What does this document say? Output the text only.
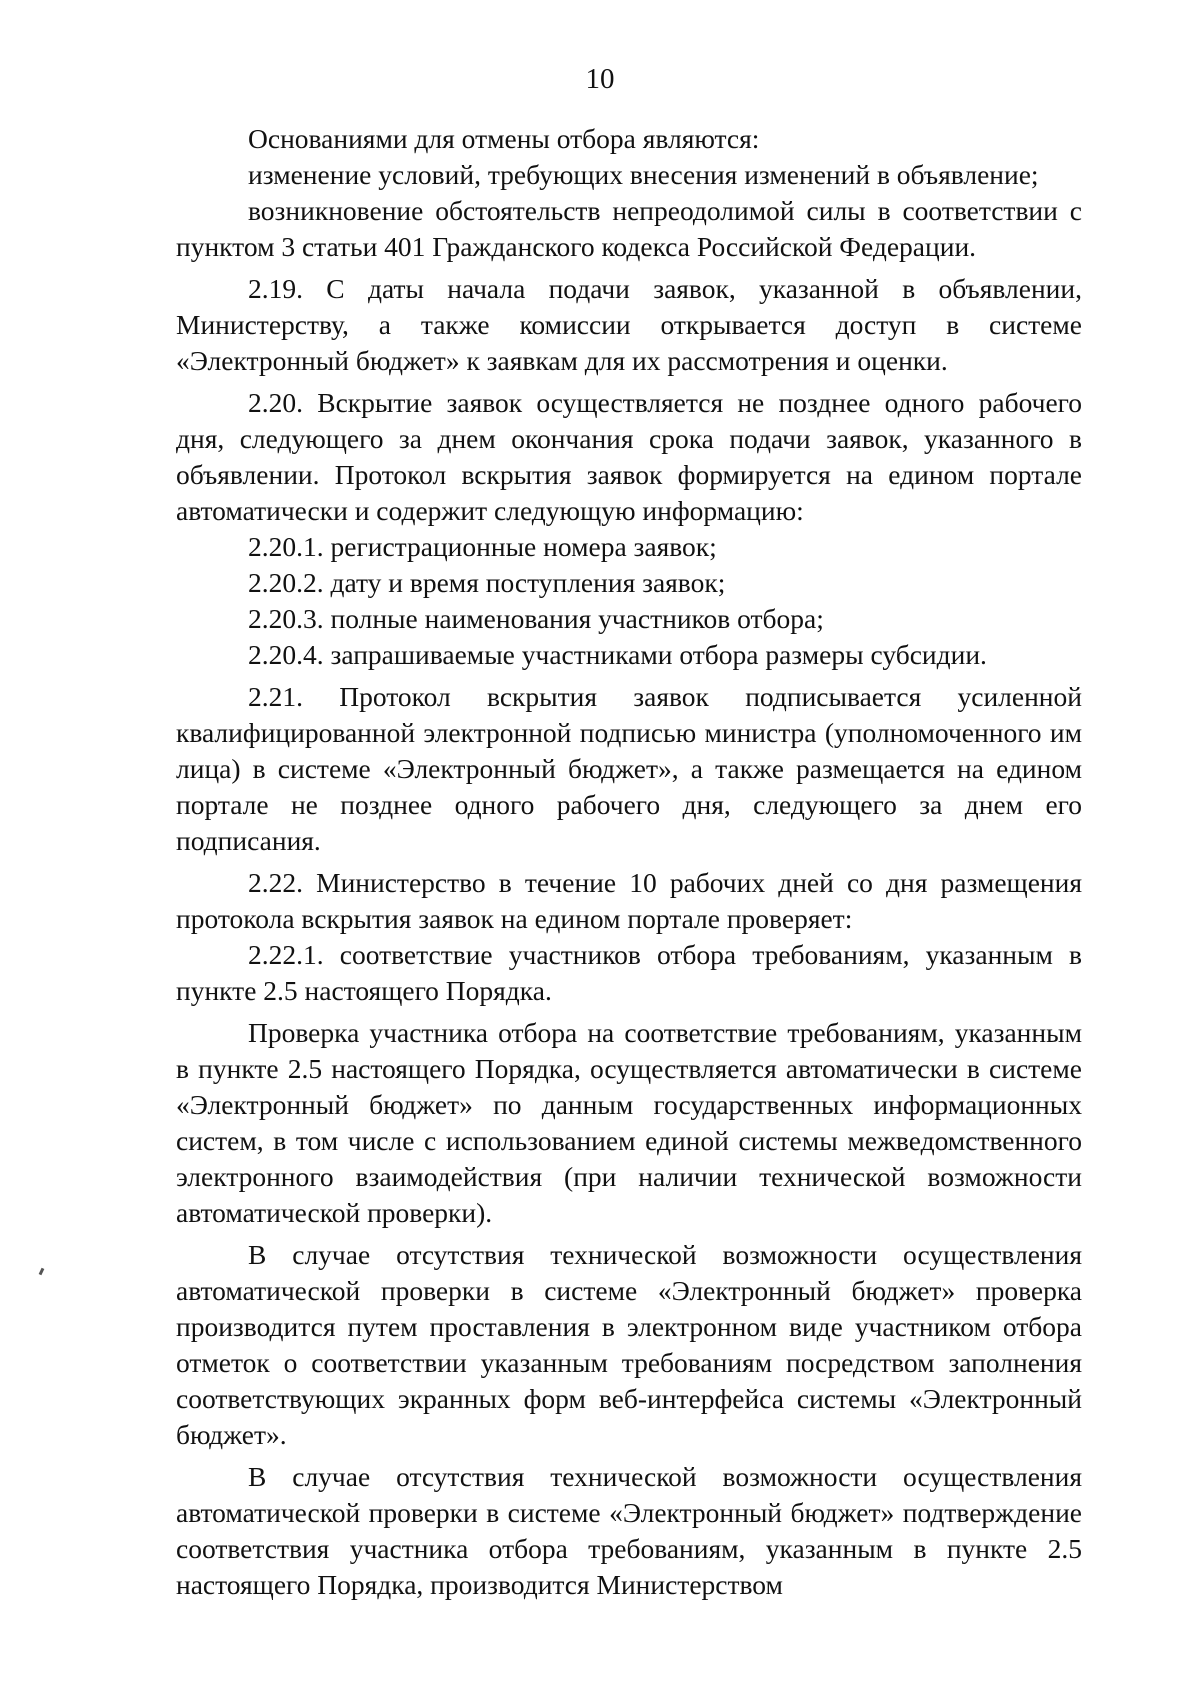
10

Основаниями для отмены отбора являются:

изменение условий, требующих внесения изменений в объявление;

возникновение обстоятельств непреодолимой силы в соответствии с пунктом 3 статьи 401 Гражданского кодекса Российской Федерации.

2.19. С даты начала подачи заявок, указанной в объявлении, Министерству, а также комиссии открывается доступ в системе «Электронный бюджет» к заявкам для их рассмотрения и оценки.

2.20. Вскрытие заявок осуществляется не позднее одного рабочего дня, следующего за днем окончания срока подачи заявок, указанного в объявлении. Протокол вскрытия заявок формируется на едином портале автоматически и содержит следующую информацию:

2.20.1. регистрационные номера заявок;

2.20.2. дату и время поступления заявок;

2.20.3. полные наименования участников отбора;

2.20.4. запрашиваемые участниками отбора размеры субсидии.

2.21. Протокол вскрытия заявок подписывается усиленной квалифицированной электронной подписью министра (уполномоченного им лица) в системе «Электронный бюджет», а также размещается на едином портале не позднее одного рабочего дня, следующего за днем его подписания.

2.22. Министерство в течение 10 рабочих дней со дня размещения протокола вскрытия заявок на едином портале проверяет:

2.22.1. соответствие участников отбора требованиям, указанным в пункте 2.5 настоящего Порядка.

Проверка участника отбора на соответствие требованиям, указанным в пункте 2.5 настоящего Порядка, осуществляется автоматически в системе «Электронный бюджет» по данным государственных информационных систем, в том числе с использованием единой системы межведомственного электронного взаимодействия (при наличии технической возможности автоматической проверки).

В случае отсутствия технической возможности осуществления автоматической проверки в системе «Электронный бюджет» проверка производится путем проставления в электронном виде участником отбора отметок о соответствии указанным требованиям посредством заполнения соответствующих экранных форм веб-интерфейса системы «Электронный бюджет».

В случае отсутствия технической возможности осуществления автоматической проверки в системе «Электронный бюджет» подтверждение соответствия участника отбора требованиям, указанным в пункте 2.5 настоящего Порядка, производится Министерством
